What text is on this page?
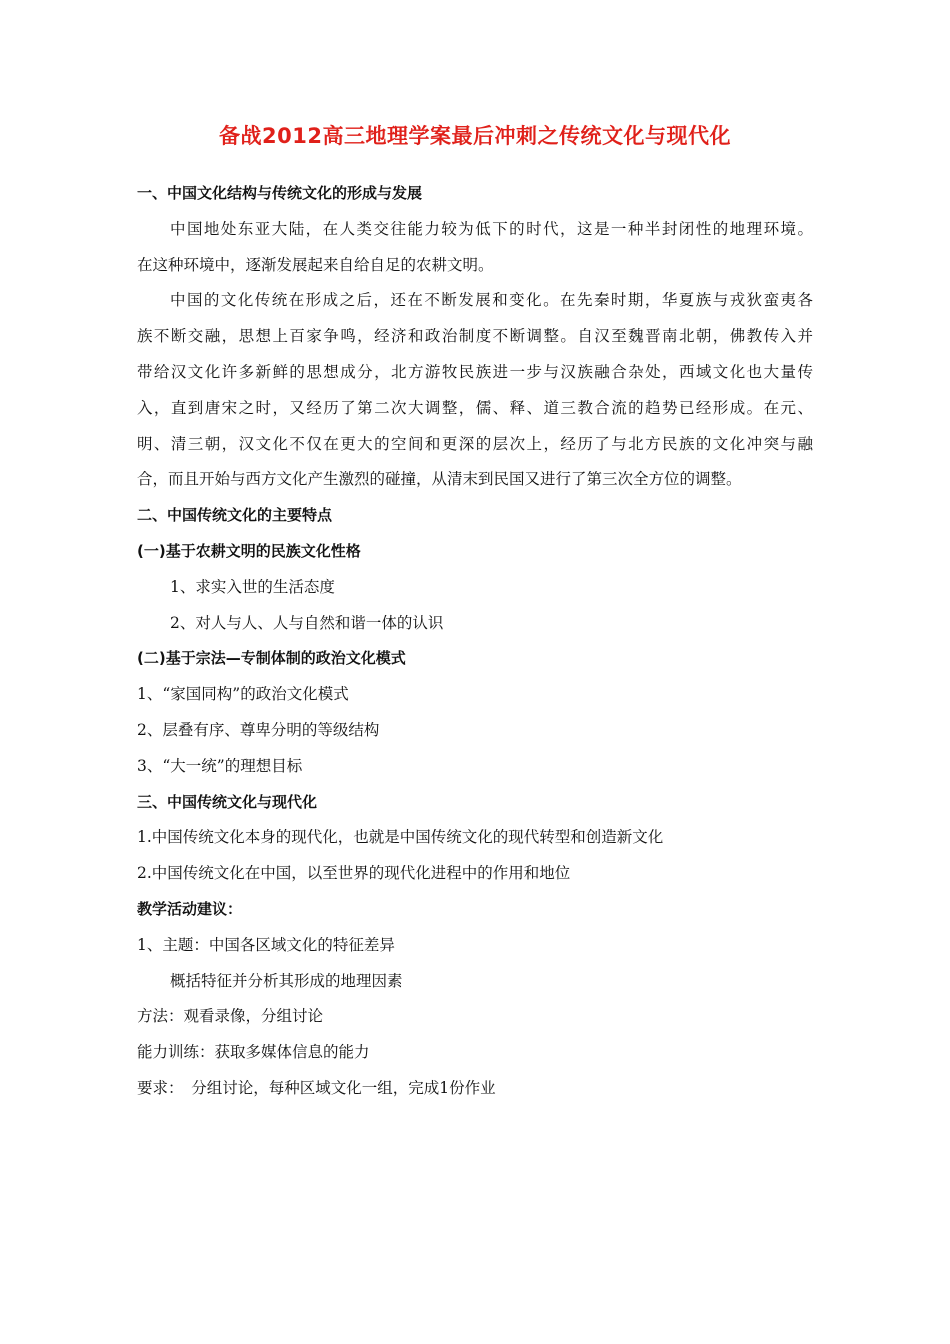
备战2012高三地理学案最后冲刺之传统文化与现代化
一、中国文化结构与传统文化的形成与发展
中国地处东亚大陆，在人类交往能力较为低下的时代，这是一种半封闭性的地理环境。
在这种环境中，逐渐发展起来自给自足的农耕文明。
中国的文化传统在形成之后，还在不断发展和变化。在先秦时期，华夏族与戎狄蛮夷各
族不断交融，思想上百家争鸣，经济和政治制度不断调整。自汉至魏晋南北朝，佛教传入并
带给汉文化许多新鲜的思想成分，北方游牧民族进一步与汉族融合杂处，西域文化也大量传
入，直到唐宋之时，又经历了第二次大调整，儒、释、道三教合流的趋势已经形成。在元、
明、清三朝，汉文化不仅在更大的空间和更深的层次上，经历了与北方民族的文化冲突与融
合，而且开始与西方文化产生激烈的碰撞，从清末到民国又进行了第三次全方位的调整。
二、中国传统文化的主要特点
(一)基于农耕文明的民族文化性格
1、求实入世的生活态度
2、对人与人、人与自然和谐一体的认识
(二)基于宗法—专制体制的政治文化模式
1、“家国同构”的政治文化模式
2、层叠有序、尊卑分明的等级结构
3、“大一统”的理想目标
三、中国传统文化与现代化
1.中国传统文化本身的现代化，也就是中国传统文化的现代转型和创造新文化
2.中国传统文化在中国，以至世界的现代化进程中的作用和地位
教学活动建议：
1、主题：中国各区域文化的特征差异
概括特征并分析其形成的地理因素
方法：观看录像，分组讨论
能力训练：获取多媒体信息的能力
要求：　分组讨论，每种区域文化一组，完成1份作业
